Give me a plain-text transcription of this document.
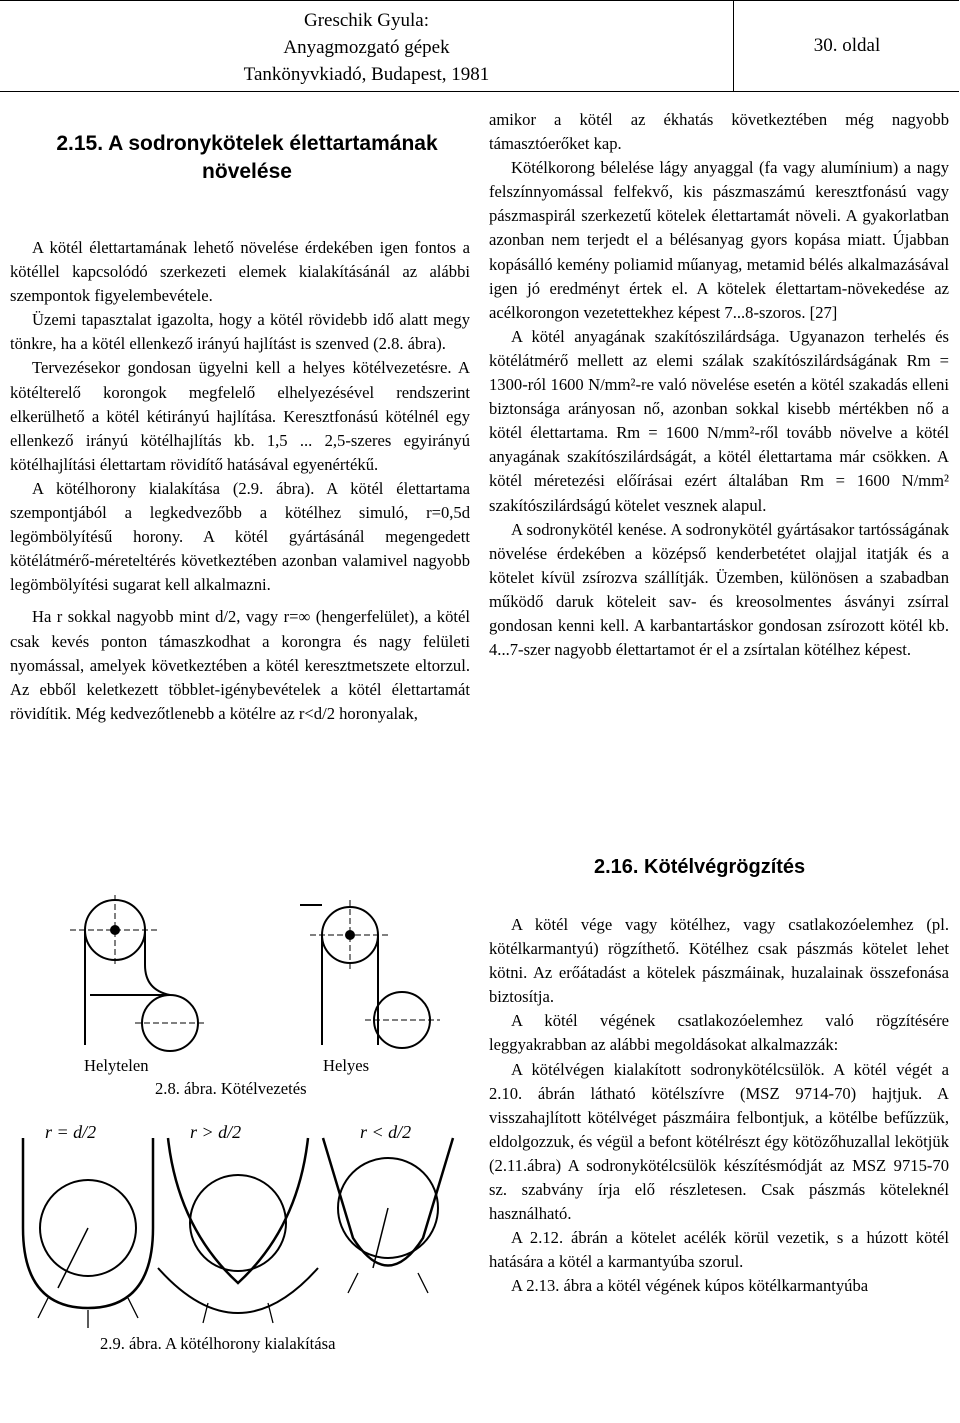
Greschik Gyula:
Anyagmozgató gépek
Tankönyvkiadó, Budapest, 1981
30. oldal
2.15. A sodronykötelek élettartamának
növelése

A kötél élettartamának lehető növelése érdekében igen fontos a kötéllel kapcsolódó szerkezeti elemek kialakításánál az alábbi szempontok figyelembevétele.

Üzemi tapasztalat igazolta, hogy a kötél rövidebb idő alatt megy tönkre, ha a kötél ellenkező irányú hajlítást is szenved (2.8. ábra).

Tervezésekor gondosan ügyelni kell a helyes kötélvezetésre. A kötélterelő korongok megfelelő elhelyezésével rendszerint elkerülhető a kötél kétirányú hajlítása. Keresztfonású kötélnél egy ellenkező irányú kötélhajlítás kb. 1,5 ... 2,5-szeres egyirányú kötélhajlítási élettartam rövidítő hatásával egyenértékű.

A kötélhorony kialakítása (2.9. ábra). A kötél élettartama szempontjából a legkedvezőbb a kötélhez simuló, r=0,5d legömbölyítésű horony. A kötél gyártásánál megengedett kötélátmérő-méreteltérés következtében azonban valamivel nagyobb legömbölyítési sugarat kell alkalmazni.

Ha r sokkal nagyobb mint d/2, vagy r=∞ (hengerfelület), a kötél csak kevés ponton támaszkodhat a korongra és nagy felületi nyomással, amelyek következtében a kötél keresztmetszete eltorzul. Az ebből keletkezett többlet-igénybevételek a kötél élettartamát rövidítik. Még kedvezőtlenebb a kötélre az r<d/2 horonyalak,

amikor a kötél az ékhatás következtében még nagyobb támasztóerőket kap.

Kötélkorong bélelése lágy anyaggal (fa vagy alumínium) a nagy felszínnyomással felfekvő, kis pászmaszámú keresztfonású vagy pászmaspirál szerkezetű kötelek élettartamát növeli. A gyakorlatban azonban nem terjedt el a bélésanyag gyors kopása miatt. Újabban kopásálló kemény poliamid műanyag, metamid bélés alkalmazásával igen jó eredményt értek el. A kötelek élettartam-növekedése az acélkorongon vezetettekhez képest 7...8-szoros. [27]

A kötél anyagának szakítószilárdsága. Ugyanazon terhelés és kötélátmérő mellett az elemi szálak szakítószilárdságának Rm = 1300-ról 1600 N/mm²-re való növelése esetén a kötél szakadás elleni biztonsága arányosan nő, azonban sokkal kisebb mértékben nő a kötél élettartama. Rm = 1600 N/mm²-ről tovább növelve a kötél anyagának szakítószilárdságát, a kötél élettartama már csökken. A kötél méretezési előírásai ezért általában Rm = 1600 N/mm² szakítószilárdságú kötelet vesznek alapul.

A sodronykötél kenése. A sodronykötél gyártásakor tartósságának növelése érdekében a középső kenderbetétet olajjal itatják és a kötelet kívül zsírozva szállítják. Üzemben, különösen a szabadban működő daruk köteleit sav- és kreosolmentes ásványi zsírral gondosan kenni kell. A karbantartáskor gondosan zsírozott kötél kb. 4...7-szer nagyobb élettartamot ér el a zsírtalan kötélhez képest.

2.16. Kötélvégrögzítés

A kötél vége vagy kötélhez, vagy csatlakozóelemhez (pl. kötélkarmantyú) rögzíthető. Kötélhez csak pászmás kötelet lehet kötni. Az erőátadást a kötelek pászmáinak, huzalainak összefonása biztosítja.

A kötél végének csatlakozóelemhez való rögzítésére leggyakrabban az alábbi megoldásokat alkalmazzák:

A kötélvégen kialakított sodronykötélcsülök. A kötél végét a 2.10. ábrán látható kötélszívre (MSZ 9714-70) hajtjuk. A visszahajlított kötélvéget pászmáira felbontjuk, a kötélbe befűzzük, eldolgozzuk, és végül a befont kötélrészt égy kötözőhuzallal lekötjük (2.11.ábra) A sodronykötélcsülök készítésmódját az MSZ 9715-70 sz. szabvány írja elő részletesen. Csak pászmás köteleknél használható.

A 2.12. ábrán a kötelet acélék körül vezetik, s a húzott kötél hatására a kötél a karmantyúba szorul.

A 2.13. ábra a kötél végének kúpos kötélkarmantyúba

Helytelen	Helyes
2.8. ábra. Kötélvezetés
r = d/2	r > d/2	r < d/2
2.9. ábra. A kötélhorony kialakítása
